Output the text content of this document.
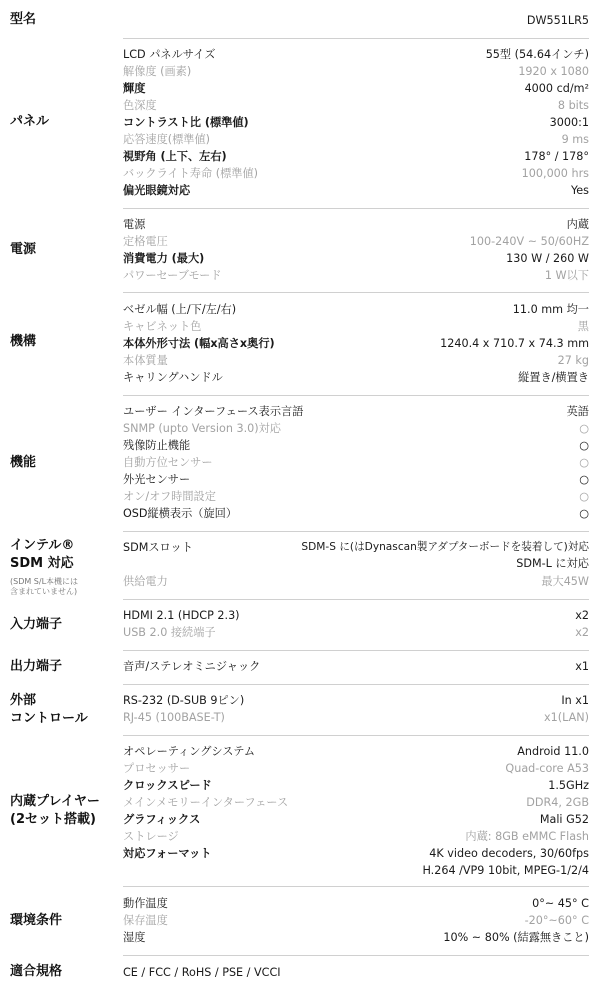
型名	DW551LR5
パネル
LCD パネルサイズ	55型 (54.64インチ)
解像度 (画素)	1920 x 1080
輝度	4000 cd/m²
色深度	8 bits
コントラスト比 (標準値)	3000:1
応答速度(標準値)	9 ms
視野角 (上下、左右)	178° / 178°
バックライト寿命 (標準値)	100,000 hrs
偏光眼鏡対応	Yes
電源
電源	内蔵
定格電圧	100-240V ~ 50/60HZ
消費電力 (最大)	130 W / 260 W
パワーセーブモード	1 W以下
機構
ベゼル幅 (上/下/左/右)	11.0 mm 均一
キャビネット色	黒
本体外形寸法 (幅x高さx奥行)	1240.4 x 710.7 x 74.3 mm
本体質量	27 kg
キャリングハンドル	縦置き/横置き
機能
ユーザー インターフェース表示言語	英語
SNMP (upto Version 3.0)対応	○
残像防止機能	○
自動方位センサー	○
外光センサー	○
オン/オフ時間設定	○
OSD縦横表示（旋回）	○
インテル®
SDM 対応
(SDM S/L本機には
含まれていません)
SDMスロット	SDM-S に(はDynascan製アダプターボードを装着して)対応
SDM-L に対応
供給電力	最大45W
入力端子
HDMI 2.1 (HDCP 2.3)	x2
USB 2.0 接続端子	x2
出力端子	音声/ステレオミニジャック	x1
外部
コントロール
RS-232 (D-SUB 9ピン)	In x1
RJ-45 (100BASE-T)	x1(LAN)
内蔵プレイヤー
(2セット搭載)
オペレーティングシステム	Android 11.0
プロセッサー	Quad-core A53
クロックスピード	1.5GHz
メインメモリーインターフェース	DDR4, 2GB
グラフィックス	Mali G52
ストレージ	内蔵: 8GB eMMC Flash
対応フォーマット	4K video decoders, 30/60fps
H.264 /VP9 10bit, MPEG-1/2/4
環境条件
動作温度	0°~ 45° C
保存温度	-20°~60° C
湿度	10% ~ 80% (結露無きこと)
適合規格	CE / FCC / RoHS / PSE / VCCI
